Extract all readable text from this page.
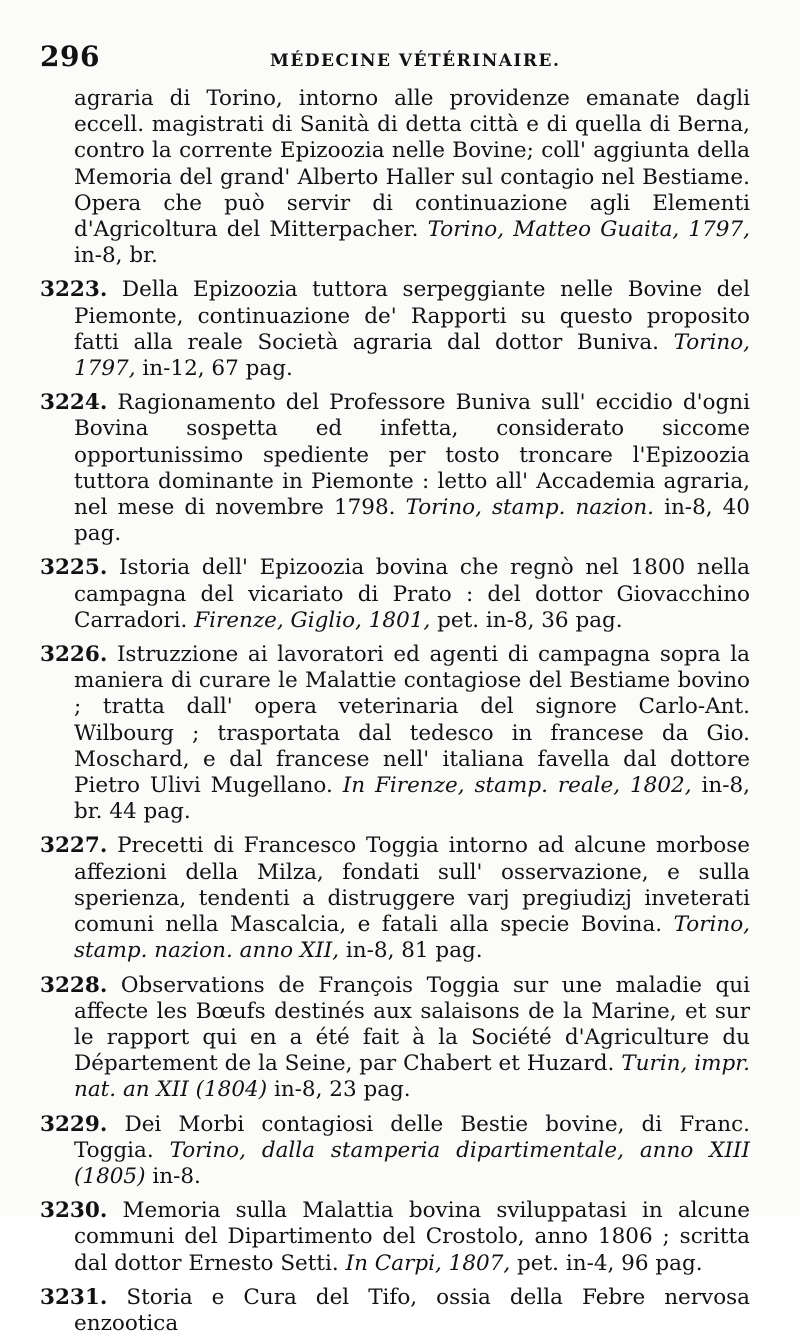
296	MÉDECINE VÉTÉRINAIRE.

agraria di Torino, intorno alle providenze emanate dagli eccell. magistrati di Sanità di detta città e di quella di Berna, contro la corrente Epizoozia nelle Bovine; coll' aggiunta della Memoria del grand' Alberto Haller sul contagio nel Bestiame. Opera che può servir di continuazione agli Elementi d'Agricoltura del Mitterpacher. Torino, Matteo Guaita, 1797, in-8, br.

3223. Della Epizoozia tuttora serpeggiante nelle Bovine del Piemonte, continuazione de' Rapporti su questo proposito fatti alla reale Società agraria dal dottor Buniva. Torino, 1797, in-12, 67 pag.

3224. Ragionamento del Professore Buniva sull' eccidio d'ogni Bovina sospetta ed infetta, considerato siccome opportunissimo spediente per tosto troncare l'Epizoozia tuttora dominante in Piemonte : letto all' Accademia agraria, nel mese di novembre 1798. Torino, stamp. nazion. in-8, 40 pag.

3225. Istoria dell' Epizoozia bovina che regnò nel 1800 nella campagna del vicariato di Prato : del dottor Giovacchino Carradori. Firenze, Giglio, 1801, pet. in-8, 36 pag.

3226. Istruzzione ai lavoratori ed agenti di campagna sopra la maniera di curare le Malattie contagiose del Bestiame bovino ; tratta dall' opera veterinaria del signore Carlo-Ant. Wilbourg ; trasportata dal tedesco in francese da Gio. Moschard, e dal francese nell' italiana favella dal dottore Pietro Ulivi Mugellano. In Firenze, stamp. reale, 1802, in-8, br. 44 pag.

3227. Precetti di Francesco Toggia intorno ad alcune morbose affezioni della Milza, fondati sull' osservazione, e sulla sperienza, tendenti a distruggere varj pregiudizj inveterati comuni nella Mascalcia, e fatali alla specie Bovina. Torino, stamp. nazion. anno XII, in-8, 81 pag.

3228. Observations de François Toggia sur une maladie qui affecte les Bœufs destinés aux salaisons de la Marine, et sur le rapport qui en a été fait à la Société d'Agriculture du Département de la Seine, par Chabert et Huzard. Turin, impr. nat. an XII (1804) in-8, 23 pag.

3229. Dei Morbi contagiosi delle Bestie bovine, di Franc. Toggia. Torino, dalla stamperia dipartimentale, anno XIII (1805) in-8.

3230. Memoria sulla Malattia bovina sviluppatasi in alcune communi del Dipartimento del Crostolo, anno 1806 ; scritta dal dottor Ernesto Setti. In Carpi, 1807, pet. in-4, 96 pag.

3231. Storia e Cura del Tifo, ossia della Febre nervosa enzootica
